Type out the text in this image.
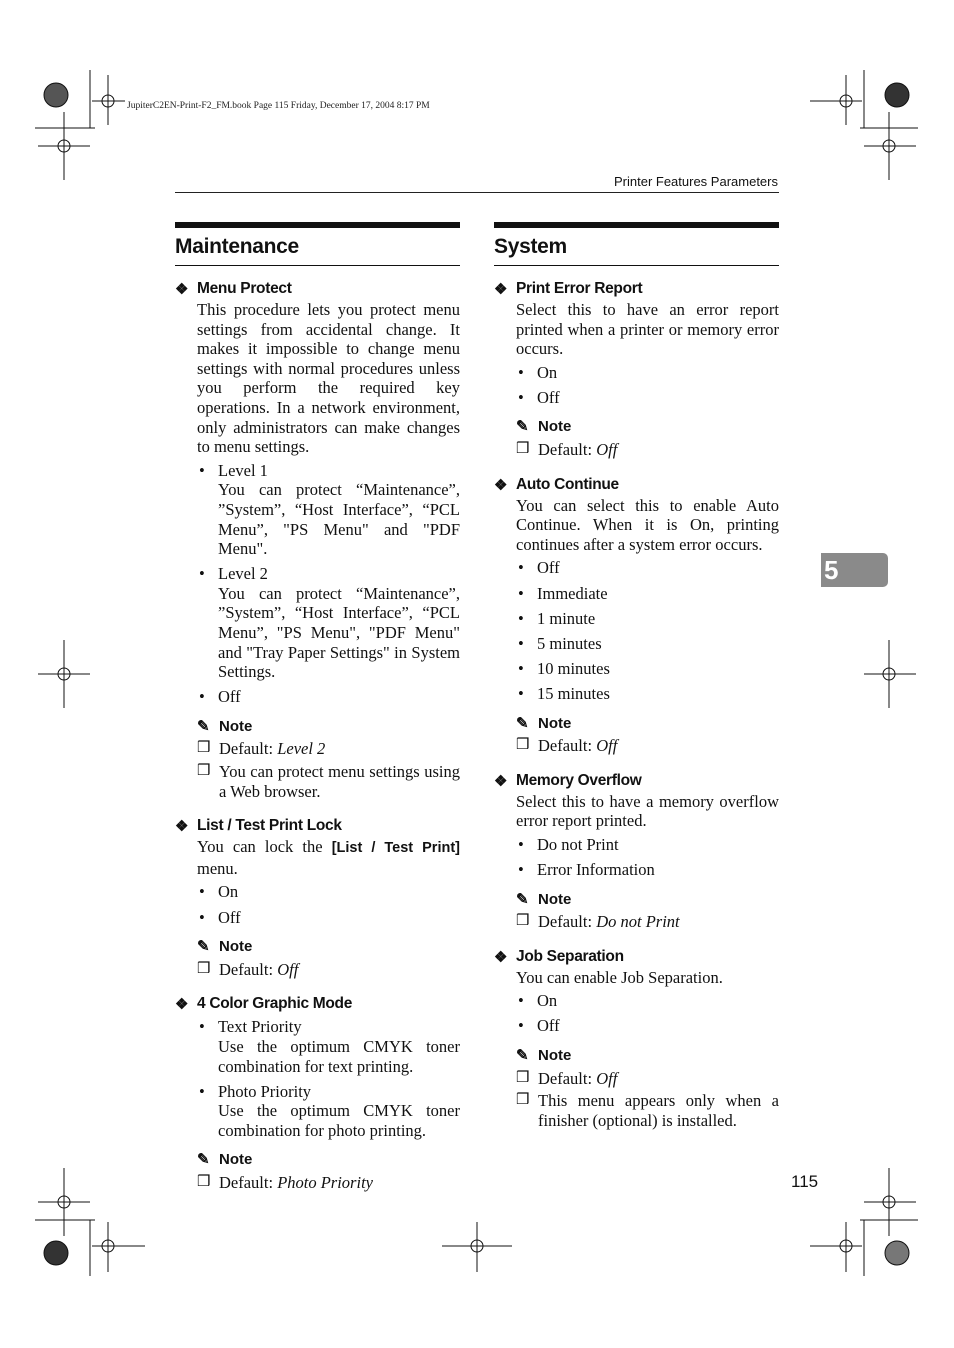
JupiterC2EN-Print-F2_FM.book Page 115 Friday, December 17, 2004 8:17 PM
Printer Features Parameters
Maintenance
❖ Menu Protect

This procedure lets you protect menu settings from accidental change. It makes it impossible to change menu settings with normal procedures unless you perform the required key operations. In a network environment, only administrators can make changes to menu settings.

• Level 1
You can protect “Maintenance”, ”System”, “Host Interface”, “PCL Menu”, "PS Menu" and "PDF Menu".
• Level 2
You can protect “Maintenance”, ”System”, “Host Interface”, “PCL Menu”, "PS Menu", "PDF Menu" and "Tray Paper Settings" in System Settings.
• Off
✎ Note
❒ Default: Level 2
❒ You can protect menu settings using a Web browser.
❖ List / Test Print Lock

You can lock the [List / Test Print] menu.

• On
• Off
✎ Note
❒ Default: Off
❖ 4 Color Graphic Mode
• Text Priority
Use the optimum CMYK toner combination for text printing.
• Photo Priority
Use the optimum CMYK toner combination for photo printing.
✎ Note
❒ Default: Photo Priority
System
❖ Print Error Report

Select this to have an error report printed when a printer or memory error occurs.

• On
• Off
✎ Note
❒ Default: Off
❖ Auto Continue

You can select this to enable Auto Continue. When it is On, printing continues after a system error occurs.

• Off
• Immediate
• 1 minute
• 5 minutes
• 10 minutes
• 15 minutes
✎ Note
❒ Default: Off
❖ Memory Overflow

Select this to have a memory overflow error report printed.

• Do not Print
• Error Information
✎ Note
❒ Default: Do not Print
❖ Job Separation

You can enable Job Separation.

• On
• Off
✎ Note
❒ Default: Off
❒ This menu appears only when a finisher (optional) is installed.
5
115
